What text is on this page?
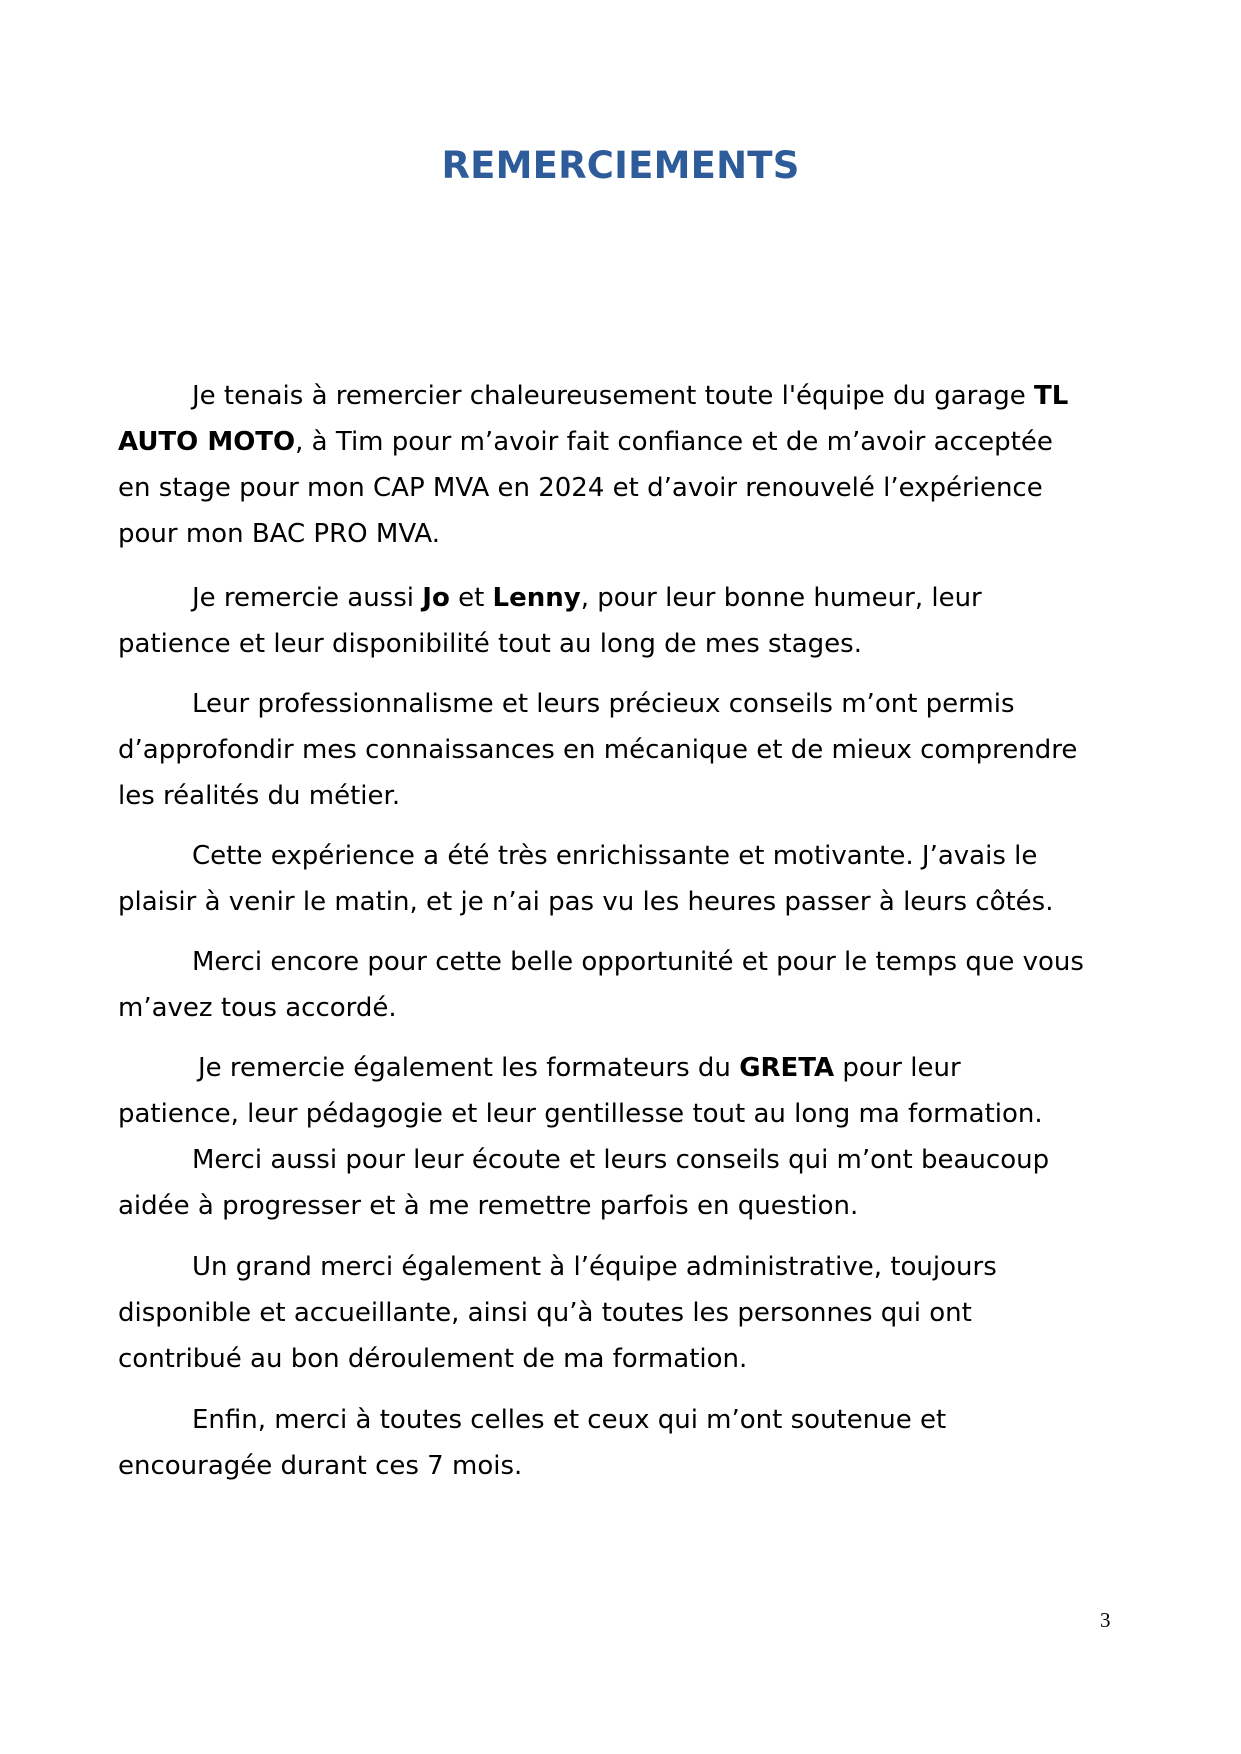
REMERCIEMENTS

Je tenais à remercier chaleureusement toute l'équipe du garage TL
AUTO MOTO, à Tim pour m’avoir fait confiance et de m’avoir acceptée
en stage pour mon CAP MVA en 2024 et d’avoir renouvelé l’expérience
pour mon BAC PRO MVA.

Je remercie aussi Jo et Lenny, pour leur bonne humeur, leur
patience et leur disponibilité tout au long de mes stages.

Leur professionnalisme et leurs précieux conseils m’ont permis
d’approfondir mes connaissances en mécanique et de mieux comprendre
les réalités du métier.

Cette expérience a été très enrichissante et motivante. J’avais le
plaisir à venir le matin, et je n’ai pas vu les heures passer à leurs côtés.

Merci encore pour cette belle opportunité et pour le temps que vous
m’avez tous accordé.

Je remercie également les formateurs du GRETA pour leur
patience, leur pédagogie et leur gentillesse tout au long ma formation.
Merci aussi pour leur écoute et leurs conseils qui m’ont beaucoup
aidée à progresser et à me remettre parfois en question.

Un grand merci également à l’équipe administrative, toujours
disponible et accueillante, ainsi qu’à toutes les personnes qui ont
contribué au bon déroulement de ma formation.

Enfin, merci à toutes celles et ceux qui m’ont soutenue et
encouragée durant ces 7 mois.

3
